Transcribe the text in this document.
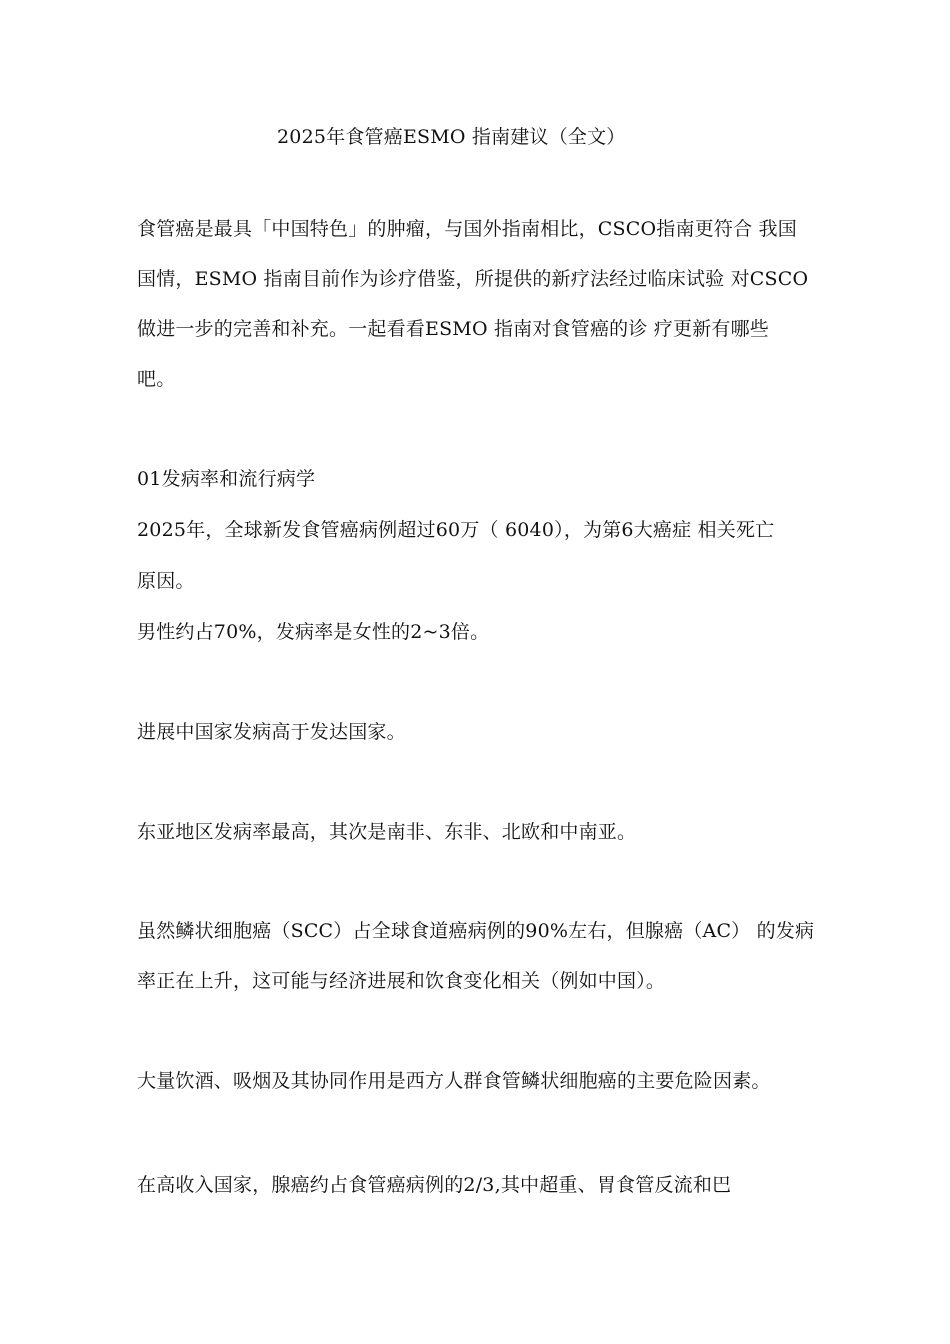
2025年食管癌ESMO 指南建议（全文）
食管癌是最具「中国特色」的肿瘤，与国外指南相比，CSCO指南更符合 我国
国情，ESMO 指南目前作为诊疗借鉴，所提供的新疗法经过临床试验 对CSCO
做进一步的完善和补充。一起看看ESMO 指南对食管癌的诊 疗更新有哪些
吧。
01发病率和流行病学
2025年，全球新发食管癌病例超过60万（ 6040），为第6大癌症 相关死亡
原因。
男性约占70%，发病率是女性的2~3倍。
进展中国家发病高于发达国家。
东亚地区发病率最高，其次是南非、东非、北欧和中南亚。
虽然鳞状细胞癌（SCC）占全球食道癌病例的90%左右，但腺癌（AC） 的发病
率正在上升，这可能与经济进展和饮食变化相关（例如中国）。
大量饮酒、吸烟及其协同作用是西方人群食管鳞状细胞癌的主要危险因素。
在高收入国家，腺癌约占食管癌病例的2/3,其中超重、胃食管反流和巴
